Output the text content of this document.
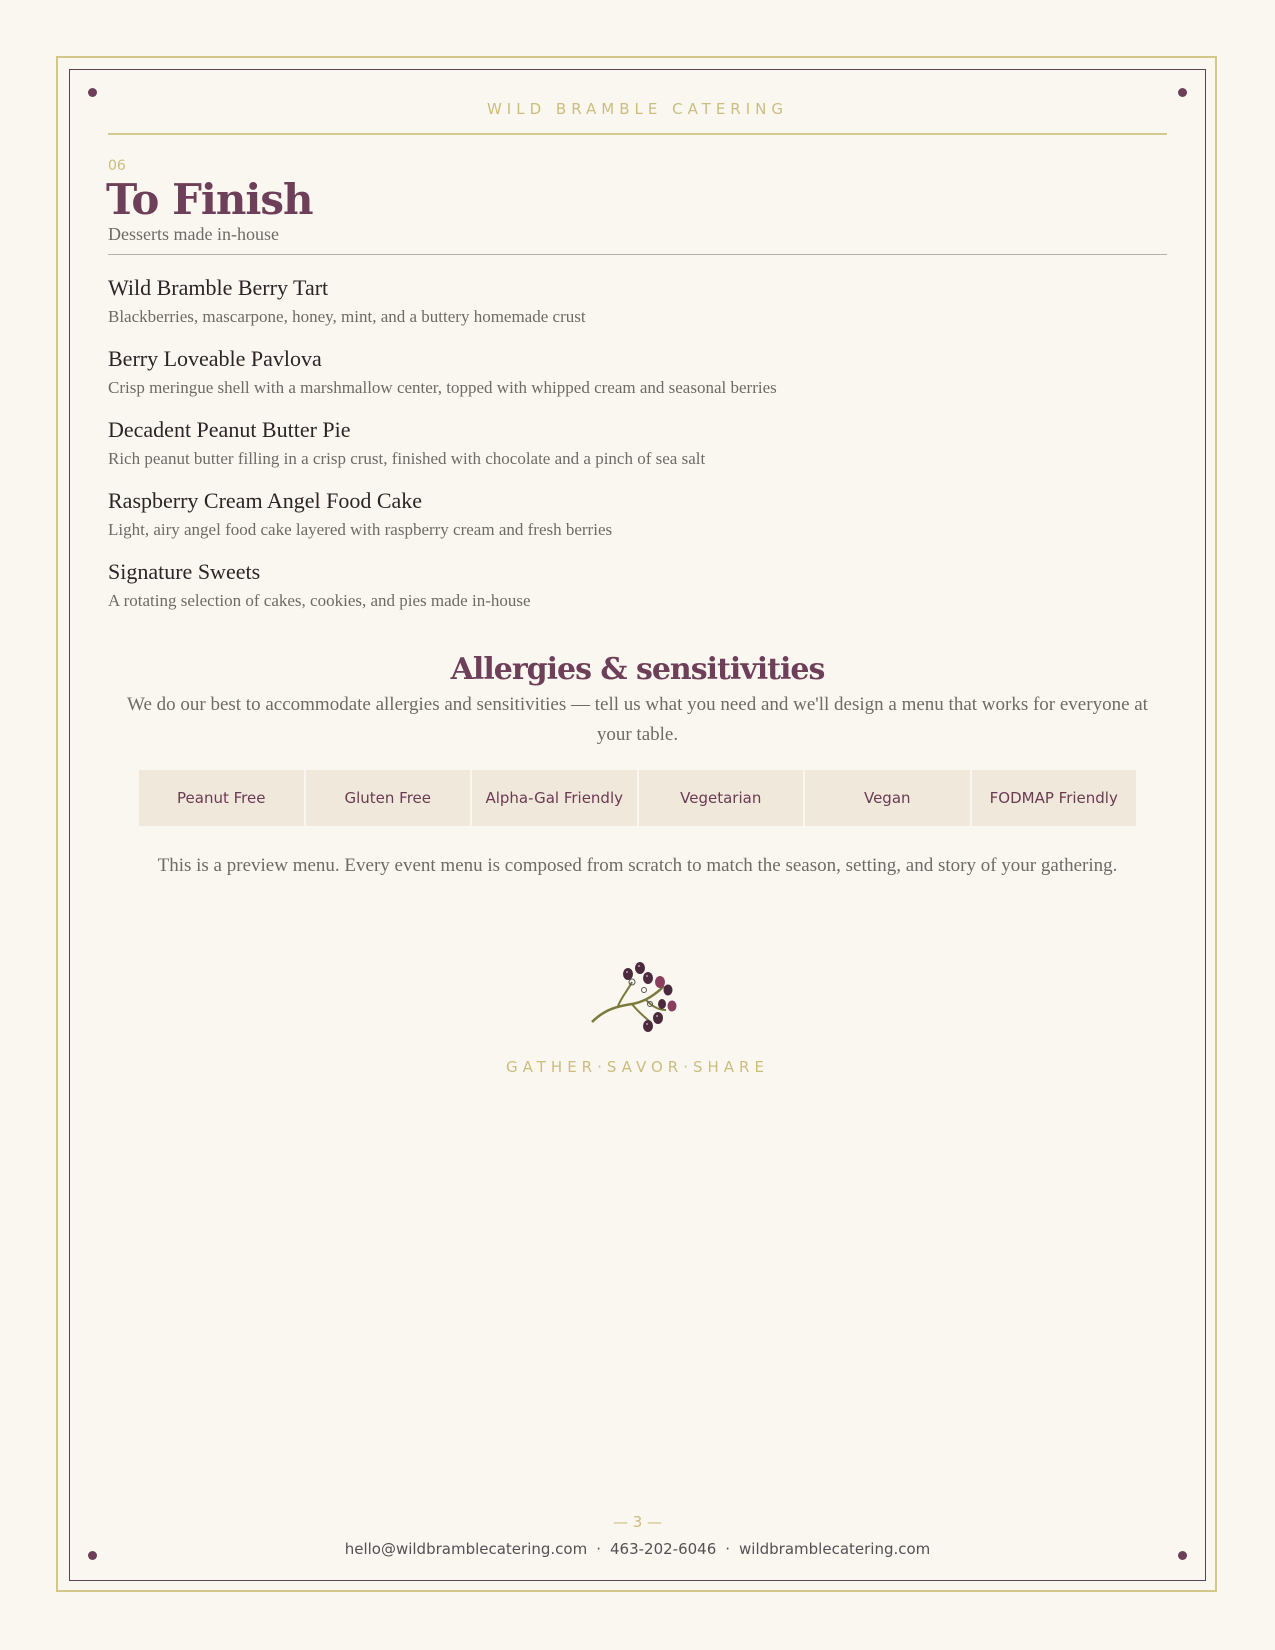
WILD BRAMBLE CATERING
06
To Finish
Desserts made in-house
Wild Bramble Berry Tart
Blackberries, mascarpone, honey, mint, and a buttery homemade crust
Berry Loveable Pavlova
Crisp meringue shell with a marshmallow center, topped with whipped cream and seasonal berries
Decadent Peanut Butter Pie
Rich peanut butter filling in a crisp crust, finished with chocolate and a pinch of sea salt
Raspberry Cream Angel Food Cake
Light, airy angel food cake layered with raspberry cream and fresh berries
Signature Sweets
A rotating selection of cakes, cookies, and pies made in-house
Allergies & sensitivities
We do our best to accommodate allergies and sensitivities — tell us what you need and we'll design a menu that works for everyone at your table.
Peanut Free	Gluten Free	Alpha-Gal Friendly	Vegetarian	Vegan	FODMAP Friendly
This is a preview menu. Every event menu is composed from scratch to match the season, setting, and story of your gathering.
GATHER·SAVOR·SHARE
— 3 —
hello@wildbramblecatering.com · 463-202-6046 · wildbramblecatering.com
